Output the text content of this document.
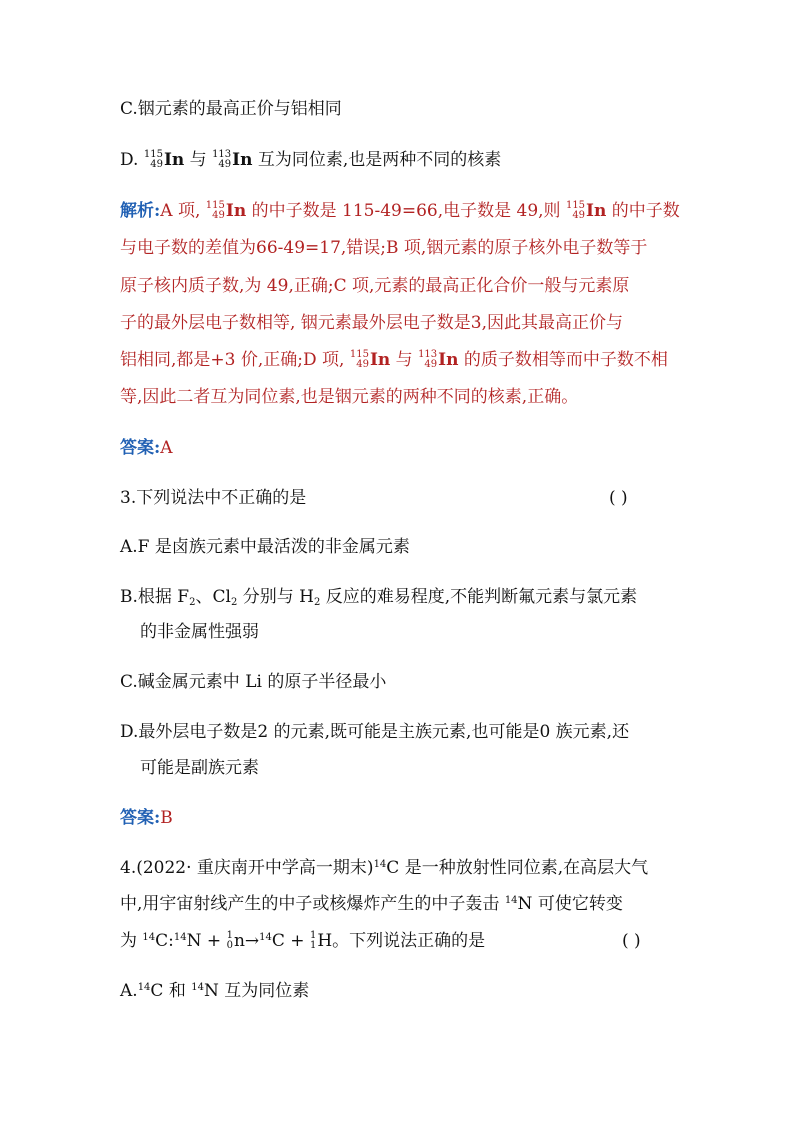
C.铟元素的最高正价与铝相同
D. 115
49 In 与 113
49 In 互为同位素,也是两种不同的核素
解析:A 项, 115
49 In 的中子数是 115-49=66,电子数是 49,则 115
49 In 的中子数
与电子数的差值为66-49=17,错误;B 项,铟元素的原子核外电子数等于
原子核内质子数,为 49,正确;C 项,元素的最高正化合价一般与元素原
子的最外层电子数相等, 铟元素最外层电子数是3,因此其最高正价与
铝相同,都是+3 价,正确;D 项, 115
49 In 与 113
49 In 的质子数相等而中子数不相
等,因此二者互为同位素,也是铟元素的两种不同的核素,正确。
答案:A
3.下列说法中不正确的是	( )
A.F 是卤族元素中最活泼的非金属元素
B.根据 $F_2$、$Cl_2$ 分别与 $H_2$ 反应的难易程度,不能判断氟元素与氯元素
的非金属性强弱
C.碱金属元素中 Li 的原子半径最小
D.最外层电子数是2 的元素,既可能是主族元素,也可能是0 族元素,还
可能是副族元素
答案:B
4.(2022· 重庆南开中学高一期末)$^{14}$C 是一种放射性同位素,在高层大气
中,用宇宙射线产生的中子或核爆炸产生的中子轰击 $^{14}$N 可使它转变
为 $^{14}$C:$^{14}$N + 1
0 n→$^{14}$C + 1
1 H。下列说法正确的是	( )
A.$^{14}$C 和 $^{14}$N 互为同位素
